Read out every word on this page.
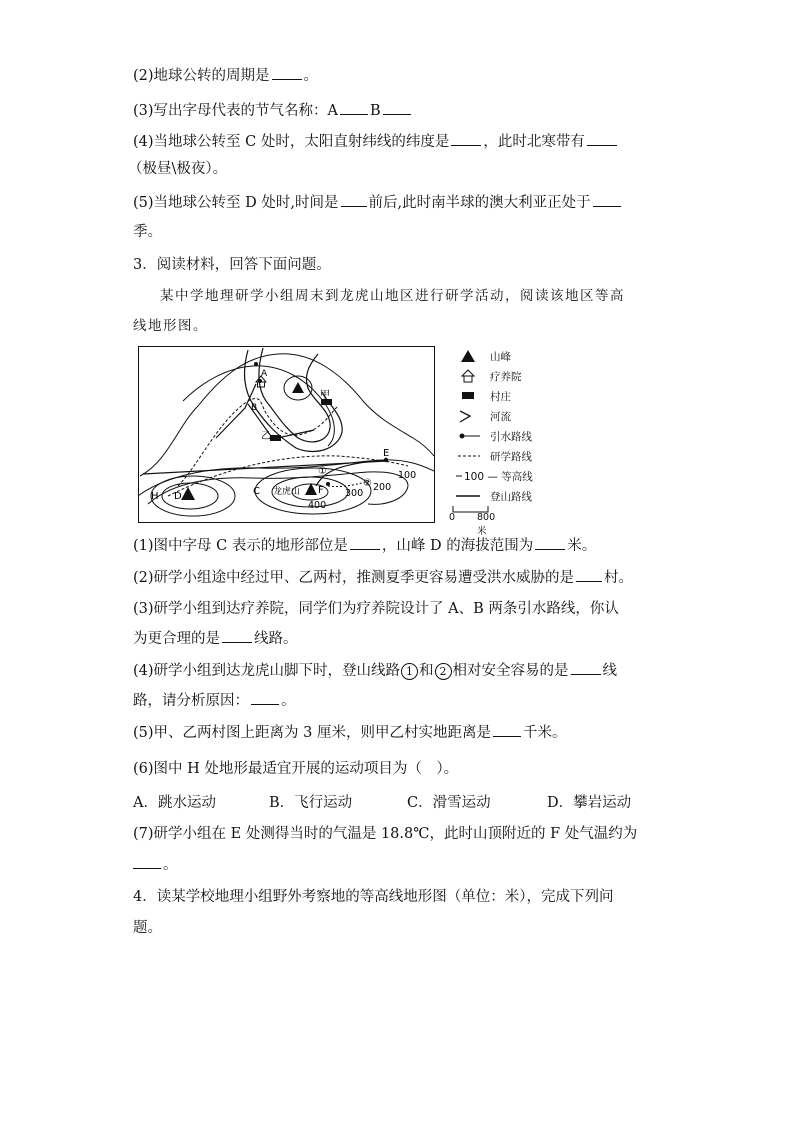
(2)地球公转的周期是 。
(3)写出字母代表的节气名称：A B
(4)当地球公转至 C 处时，太阳直射纬线的纬度是 ，此时北寒带有
（极昼\极夜）。
(5)当地球公转至 D 处时,时间是 前后,此时南半球的澳大利亚正处于
季。
3．阅读材料，回答下面问题。
某中学地理研学小组周末到龙虎山地区进行研学活动，阅读该地区等高
线地形图。
A
B
C
D
E
F
H
甲
乙
龙虎山
100
200
300
400
①
②
山峰
疗养院
村庄
河流
引水路线
研学路线
100 — 等高线
登山路线
0 800米
(1)图中字母 C 表示的地形部位是 ，山峰 D 的海拔范围为 米。
(2)研学小组途中经过甲、乙两村，推测夏季更容易遭受洪水威胁的是 村。
(3)研学小组到达疗养院，同学们为疗养院设计了 A、B 两条引水路线，你认
为更合理的是 线路。
(4)研学小组到达龙虎山脚下时，登山线路 1 和 2 相对安全容易的是 线
路，请分析原因： 。
(5)甲、乙两村图上距离为 3 厘米，则甲乙村实地距离是 千米。
(6)图中 H 处地形最适宜开展的运动项目为（　）。
A．跳水运动	B．飞行运动	C．滑雪运动	D．攀岩运动
(7)研学小组在 E 处测得当时的气温是 18.8℃，此时山顶附近的 F 处气温约为
。
4．读某学校地理小组野外考察地的等高线地形图（单位：米），完成下列问
题。
